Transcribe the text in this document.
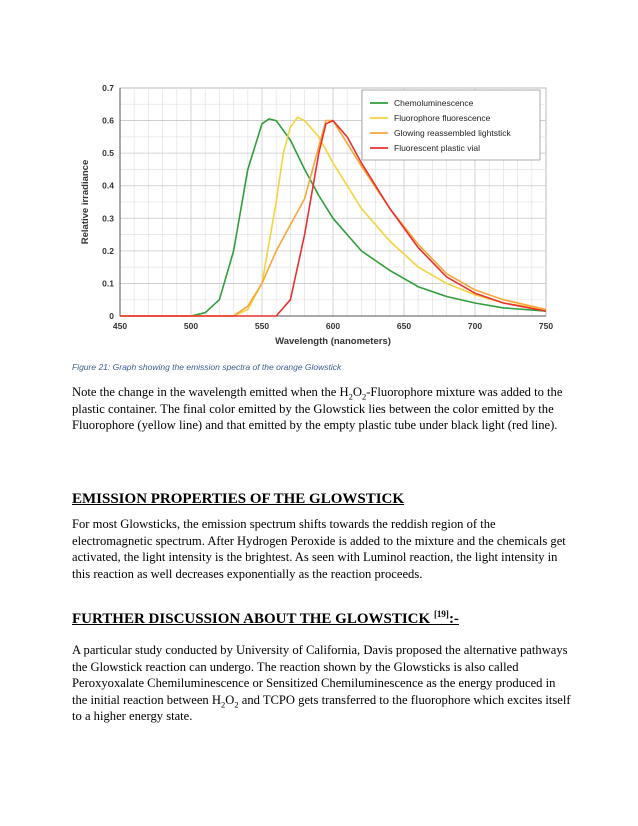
450	500	550	600	650	700	750
0
0.1
0.2
0.3
0.4
0.5
0.6
0.7
Wavelength (nanometers)
Relative irradiance
Chemoluminescence
Fluorophore fluorescence
Glowing reassembled lightstick
Fluorescent plastic vial
Figure 21: Graph showing the emission spectra of the orange Glowstick
Note the change in the wavelength emitted when the $H_2O_2$-Fluorophore mixture was added to the plastic container. The final color emitted by the Glowstick lies between the color emitted by the Fluorophore (yellow line) and that emitted by the empty plastic tube under black light (red line).
EMISSION PROPERTIES OF THE GLOWSTICK
For most Glowsticks, the emission spectrum shifts towards the reddish region of the electromagnetic spectrum. After Hydrogen Peroxide is added to the mixture and the chemicals get activated, the light intensity is the brightest. As seen with Luminol reaction, the light intensity in this reaction as well decreases exponentially as the reaction proceeds.
FURTHER DISCUSSION ABOUT THE GLOWSTICK [19]:-
A particular study conducted by University of California, Davis proposed the alternative pathways the Glowstick reaction can undergo. The reaction shown by the Glowsticks is also called Peroxyoxalate Chemiluminescence or Sensitized Chemiluminescence as the energy produced in the initial reaction between $H_2O_2$ and TCPO gets transferred to the fluorophore which excites itself to a higher energy state.
